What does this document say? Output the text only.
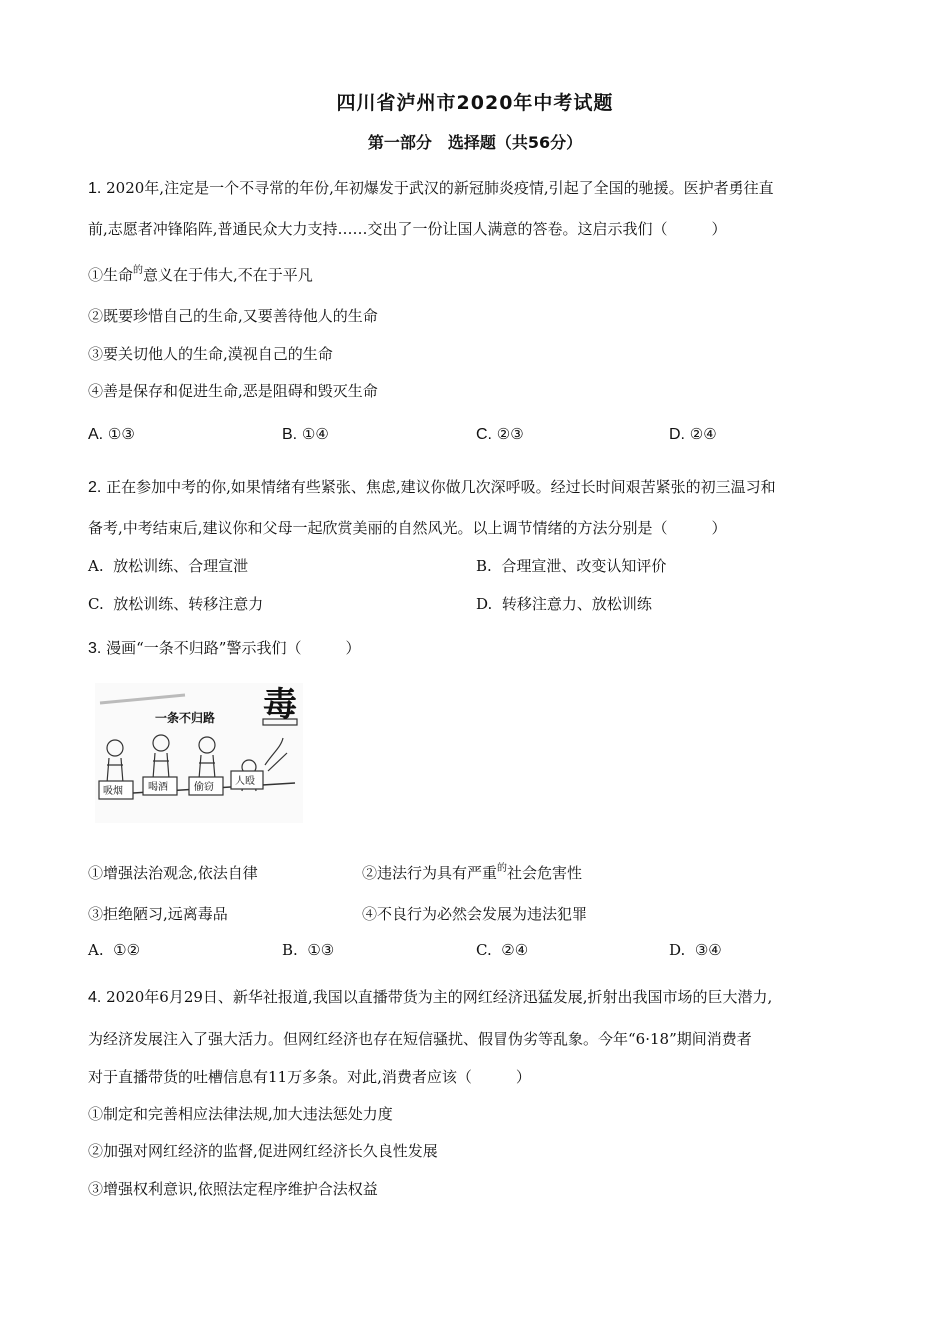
四川省泸州市2020年中考试题
第一部分　选择题（共56分）
1. 2020年,注定是一个不寻常的年份,年初爆发于武汉的新冠肺炎疫情,引起了全国的驰援。医护者勇往直
前,志愿者冲锋陷阵,普通民众大力支持……交出了一份让国人满意的答卷。这启示我们（	）
①生命$^的$意义在于伟大,不在于平凡
②既要珍惜自己的生命,又要善待他人的生命
③要关切他人的生命,漠视自己的生命
④善是保存和促进生命,恶是阻碍和毁灭生命
A. ①③	B. ①④	C. ②③	D. ②④
2. 正在参加中考的你,如果情绪有些紧张、焦虑,建议你做几次深呼吸。经过长时间艰苦紧张的初三温习和
备考,中考结束后,建议你和父母一起欣赏美丽的自然风光。以上调节情绪的方法分别是（	）
A. 放松训练、合理宣泄	B. 合理宣泄、改变认知评价
C. 放松训练、转移注意力	D. 转移注意力、放松训练
3. 漫画“一条不归路”警示我们（	）
一条不归路 毒
吸烟	喝酒	偷窃
人殴
①增强法治观念,依法自律	②违法行为具有严重$^的$社会危害性
③拒绝陋习,远离毒品	④不良行为必然会发展为违法犯罪
A. ①②	B. ①③	C. ②④	D. ③④
4. 2020年6月29日、新华社报道,我国以直播带货为主的网红经济迅猛发展,折射出我国市场的巨大潜力,
为经济发展注入了强大活力。但网红经济也存在短信骚扰、假冒伪劣等乱象。今年“6·18”期间消费者
对于直播带货的吐槽信息有11万多条。对此,消费者应该（	）
①制定和完善相应法律法规,加大违法惩处力度
②加强对网红经济的监督,促进网红经济长久良性发展
③增强权利意识,依照法定程序维护合法权益
